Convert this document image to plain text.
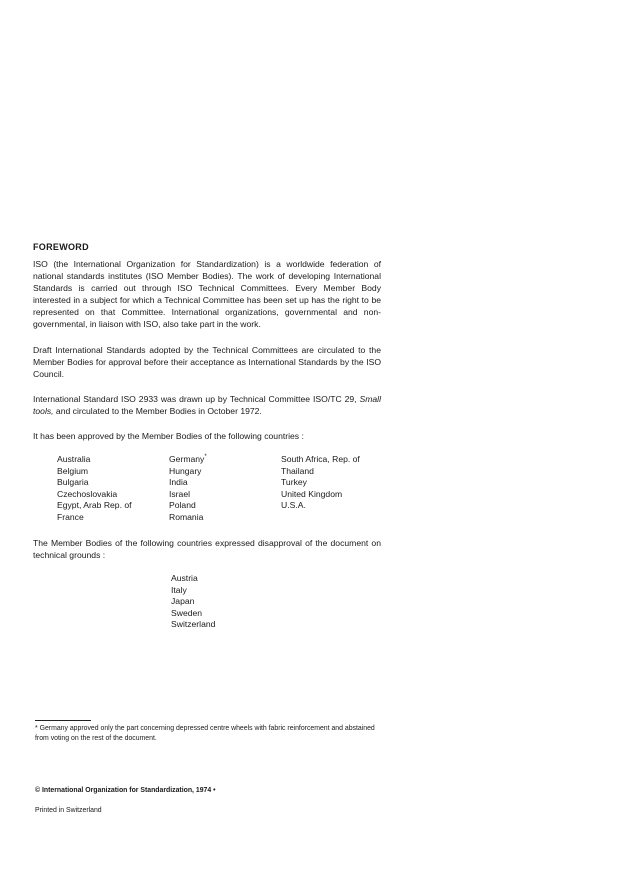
FOREWORD

ISO (the International Organization for Standardization) is a worldwide federation of national standards institutes (ISO Member Bodies). The work of developing International Standards is carried out through ISO Technical Committees. Every Member Body interested in a subject for which a Technical Committee has been set up has the right to be represented on that Committee. International organizations, governmental and non-governmental, in liaison with ISO, also take part in the work.

Draft International Standards adopted by the Technical Committees are circulated to the Member Bodies for approval before their acceptance as International Standards by the ISO Council.

International Standard ISO 2933 was drawn up by Technical Committee ISO/TC 29, Small tools, and circulated to the Member Bodies in October 1972.

It has been approved by the Member Bodies of the following countries :

Australia
Belgium
Bulgaria
Czechoslovakia
Egypt, Arab Rep. of
France
Germany*
Hungary
India
Israel
Poland
Romania
South Africa, Rep. of
Thailand
Turkey
United Kingdom
U.S.A.

The Member Bodies of the following countries expressed disapproval of the document on technical grounds :

Austria
Italy
Japan
Sweden
Switzerland

* Germany approved only the part concerning depressed centre wheels with fabric reinforcement and abstained from voting on the rest of the document.

© International Organization for Standardization, 1974 •

Printed in Switzerland
